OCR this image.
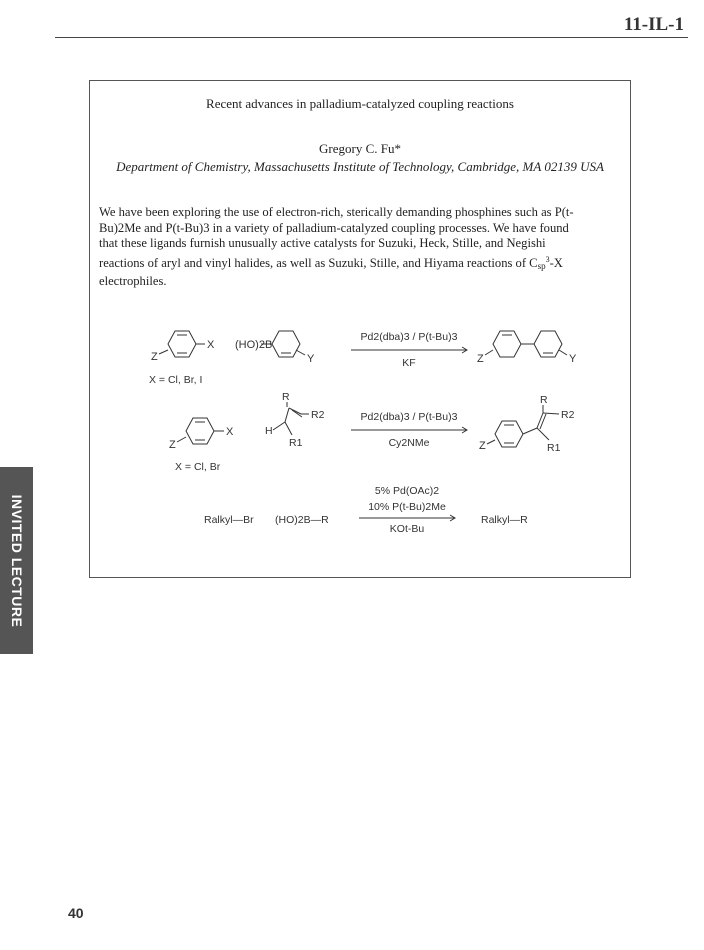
11-IL-1
Recent advances in palladium-catalyzed coupling reactions
Gregory C. Fu*
Department of Chemistry, Massachusetts Institute of Technology, Cambridge, MA 02139 USA
We have been exploring the use of electron-rich, sterically demanding phosphines such as P(t-
Bu)2Me and P(t-Bu)3 in a variety of palladium-catalyzed coupling processes. We have found
that these ligands furnish unusually active catalysts for Suzuki, Heck, Stille, and Negishi
reactions of aryl and vinyl halides, as well as Suzuki, Stille, and Hiyama reactions of $C_{sp}^3-X$
electrophiles.
X
Z
(HO)2B
Y
Pd2(dba)3 / P(t-Bu)3
KF	Z	Y
X = Cl, Br, I
X
Z
H
R
R2
R1
Pd2(dba)3 / P(t-Bu)3
Cy2NMe	Z
R
R2
R1
X = Cl, Br
Ralkyl—Br (HO)2B—R
5% Pd(OAc)2
10% P(t-Bu)2Me
KOt-Bu
Ralkyl—R
INVITED LECTURE
40
